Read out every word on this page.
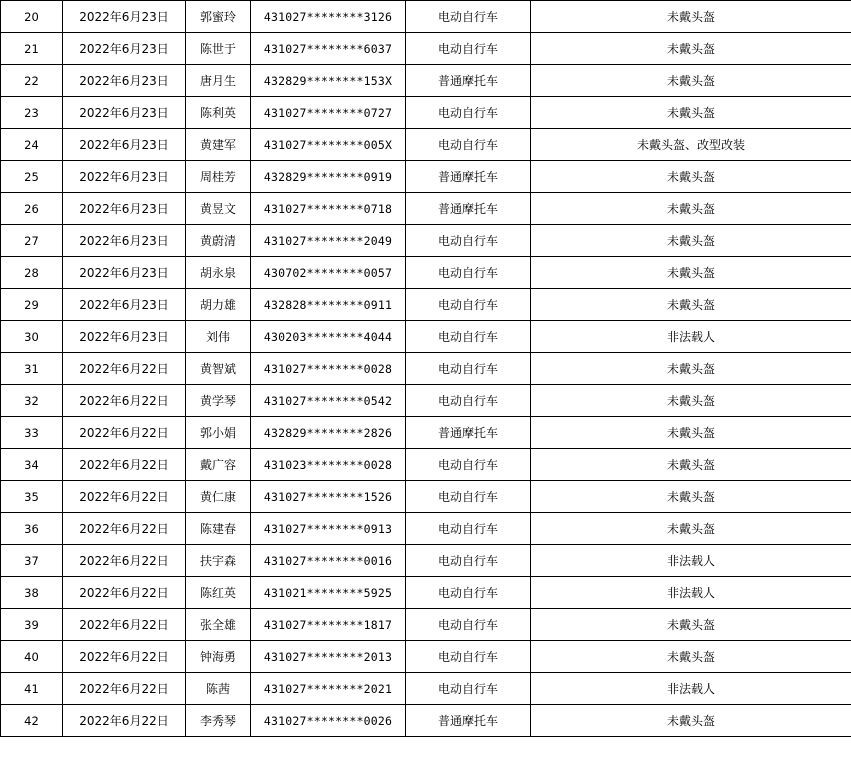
20	2022年6月23日	郭蜜玲	431027********3126	电动自行车	未戴头盔
21	2022年6月23日	陈世于	431027********6037	电动自行车	未戴头盔
22	2022年6月23日	唐月生	432829********153X	普通摩托车	未戴头盔
23	2022年6月23日	陈利英	431027********0727	电动自行车	未戴头盔
24	2022年6月23日	黄建军	431027********005X	电动自行车	未戴头盔、改型改装
25	2022年6月23日	周桂芳	432829********0919	普通摩托车	未戴头盔
26	2022年6月23日	黄昱文	431027********0718	普通摩托车	未戴头盔
27	2022年6月23日	黄蔚清	431027********2049	电动自行车	未戴头盔
28	2022年6月23日	胡永泉	430702********0057	电动自行车	未戴头盔
29	2022年6月23日	胡力雄	432828********0911	电动自行车	未戴头盔
30	2022年6月23日	刘伟	430203********4044	电动自行车	非法载人
31	2022年6月22日	黄智斌	431027********0028	电动自行车	未戴头盔
32	2022年6月22日	黄学琴	431027********0542	电动自行车	未戴头盔
33	2022年6月22日	郭小娟	432829********2826	普通摩托车	未戴头盔
34	2022年6月22日	戴广容	431023********0028	电动自行车	未戴头盔
35	2022年6月22日	黄仁康	431027********1526	电动自行车	未戴头盔
36	2022年6月22日	陈建春	431027********0913	电动自行车	未戴头盔
37	2022年6月22日	扶宇森	431027********0016	电动自行车	非法载人
38	2022年6月22日	陈红英	431021********5925	电动自行车	非法载人
39	2022年6月22日	张全雄	431027********1817	电动自行车	未戴头盔
40	2022年6月22日	钟海勇	431027********2013	电动自行车	未戴头盔
41	2022年6月22日	陈茜	431027********2021	电动自行车	非法载人
42	2022年6月22日	李秀琴	431027********0026	普通摩托车	未戴头盔
